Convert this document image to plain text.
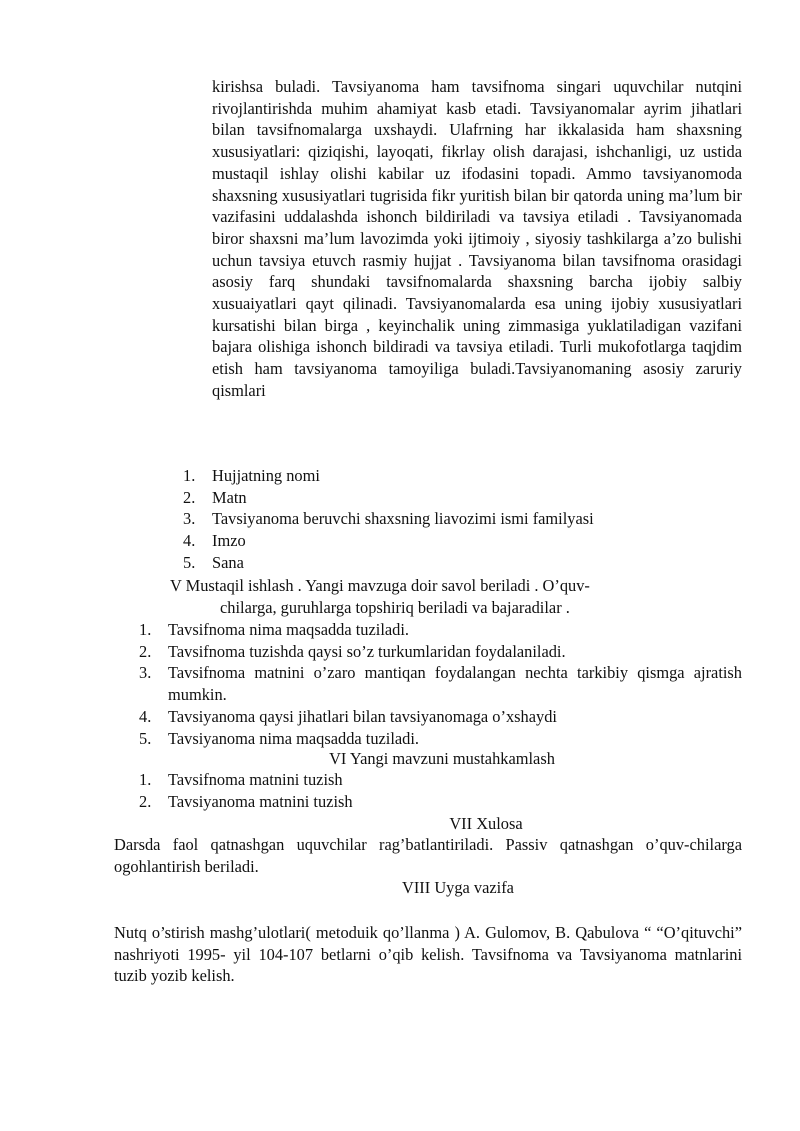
kirishsa buladi. Tavsiyanoma ham tavsifnoma singari uquvchilar nutqini rivojlantirishda muhim ahamiyat kasb etadi. Tavsiyanomalar ayrim jihatlari bilan tavsifnomalarga uxshaydi. Ulafrning har ikkalasida ham shaxsning xususiyatlari: qiziqishi, layoqati, fikrlay olish darajasi, ishchanligi, uz ustida mustaqil ishlay olishi kabilar uz ifodasini topadi. Ammo tavsiyanomoda shaxsning xususiyatlari tugrisida fikr yuritish bilan bir qatorda uning ma’lum bir vazifasini uddalashda ishonch bildiriladi va tavsiya etiladi . Tavsiyanomada biror shaxsni ma’lum lavozimda yoki ijtimoiy , siyosiy tashkilarga a’zo bulishi uchun tavsiya etuvch rasmiy hujjat . Tavsiyanoma bilan tavsifnoma orasidagi asosiy farq shundaki tavsifnomalarda shaxsning barcha ijobiy salbiy xusuaiyatlari qayt qilinadi. Tavsiyanomalarda esa uning ijobiy xususiyatlari kursatishi bilan birga , keyinchalik uning zimmasiga yuklatiladigan vazifani bajara olishiga ishonch bildiradi va tavsiya etiladi. Turli mukofotlarga taqjdim etish ham tavsiyanoma tamoyiliga buladi.Tavsiyanomaning asosiy zaruriy qismlari

1. Hujjatning nomi
2. Matn
3. Tavsiyanoma beruvchi shaxsning liavozimi ismi familyasi
4. Imzo
5. Sana
V Mustaqil ishlash . Yangi mavzuga doir savol beriladi . O’quv-
chilarga, guruhlarga topshiriq beriladi va bajaradilar .
1. Tavsifnoma nima maqsadda tuziladi.
2. Tavsifnoma tuzishda qaysi so’z turkumlaridan foydalaniladi.
3. Tavsifnoma matnini o’zaro mantiqan foydalangan nechta tarkibiy qismga ajratish mumkin.
4. Tavsiyanoma qaysi jihatlari bilan tavsiyanomaga o’xshaydi
5. Tavsiyanoma nima maqsadda tuziladi.

VI Yangi mavzuni mustahkamlash

1. Tavsifnoma matnini tuzish
2. Tavsiyanoma matnini tuzish

VII Xulosa

Darsda faol qatnashgan uquvchilar rag’batlantiriladi. Passiv qatnashgan o’quv-chilarga ogohlantirish beriladi.

VIII Uyga vazifa

Nutq o’stirish mashg’ulotlari( metoduik qo’llanma ) A. Gulomov, B. Qabulova “ “O’qituvchi” nashriyoti 1995- yil 104-107 betlarni o’qib kelish. Tavsifnoma va Tavsiyanoma matnlarini tuzib yozib kelish.
